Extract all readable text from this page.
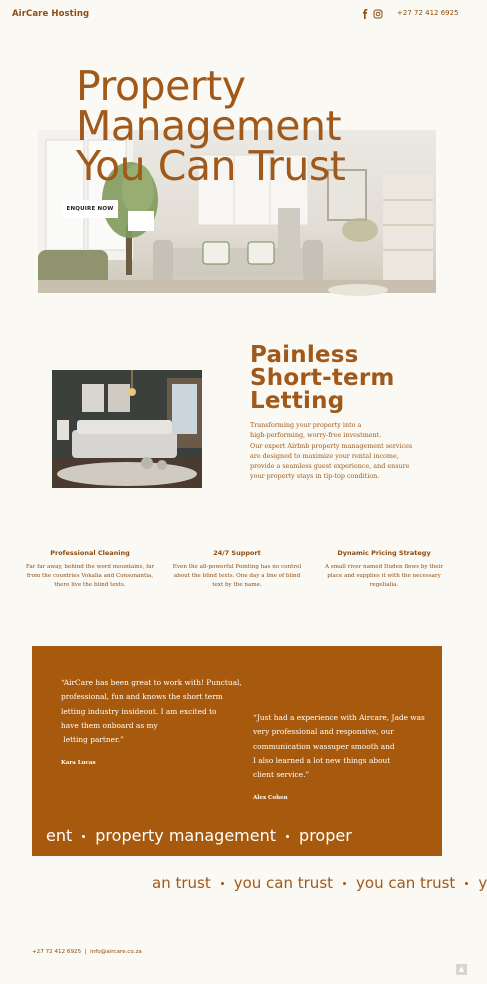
AirCare Hosting	+27 72 412 6925
Property
Management
You Can Trust
ENQUIRE NOW
Painless
Short-term
Letting
Transforming your property into a
high-performing, worry-free investment.
Our expert Airbnb property management services
are designed to maximize your rental income,
provide a seamless guest experience, and ensure
your property stays in tip-top condition.
Professional Cleaning
Far far away, behind the word mountains, far
from the countries Vokalia and Consonantia,
there live the blind texts.
24/7 Support
Even the all-powerful Pointing has no control
about the blind texts. One day a line of blind
text by the name.
Dynamic Pricing Strategy
A small river named Duden flows by their
place and supplies it with the necessary
regelialia.
“AirCare has been great to work with! Punctual,
professional, fun and knows the short term
letting industry insideout. I am excited to
have them onboard as my
letting partner.”
Kara Lucas
“Just had a experience with Aircare, Jade was
very professional and responsive, our
communication wassuper smooth and
I also learned a lot new things about
client service.”
Alex Cohen
ent property management proper
an trust you can trust you can trust y
+27 72 412 6925  |  info@aircare.co.za
▲
